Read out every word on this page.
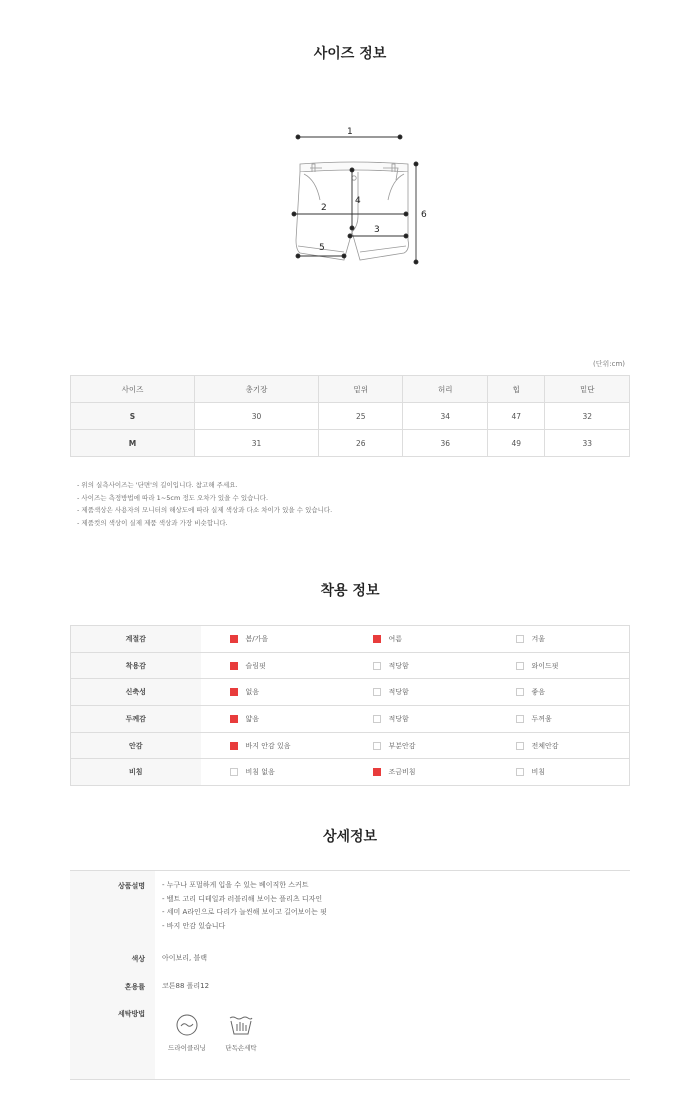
사이즈 정보
1
2
3
4
5
6
(단위:cm)
사이즈	총기장	밑위	허리	힙	밑단
S	30	25	34	47	32
M	31	26	36	49	33
- 위의 실측사이즈는 '단면'의 길이입니다. 참고해 주세요.
- 사이즈는 측정방법에 따라 1~5cm 정도 오차가 있을 수 있습니다.
- 제품색상은 사용자의 모니터의 해상도에 따라 실제 색상과 다소 차이가 있을 수 있습니다.
- 제품컷의 색상이 실제 제품 색상과 가장 비슷합니다.
착용 정보
계절감	봄/가을	여름	겨울
착용감	슬림핏	적당함	와이드핏
신축성	없음	적당함	좋음
두께감	얇음	적당함	두꺼움
안감	바지 안감 있음	부분안감	전체안감
비침	비침 없음	조금비침	비침
상세정보
상품설명 - 누구나 포멀하게 입을 수 있는 베이직한 스커트
- 벨트 고리 디테일과 러블리해 보이는 플리츠 디자인
- 세미 A라인으로 다리가 늘씬해 보이고 길어보이는 핏
- 바지 안감 있습니다
색상 아이보리, 블랙
혼용률 코튼88 폴리12
세탁방법
드라이클리닝	단독손세탁
